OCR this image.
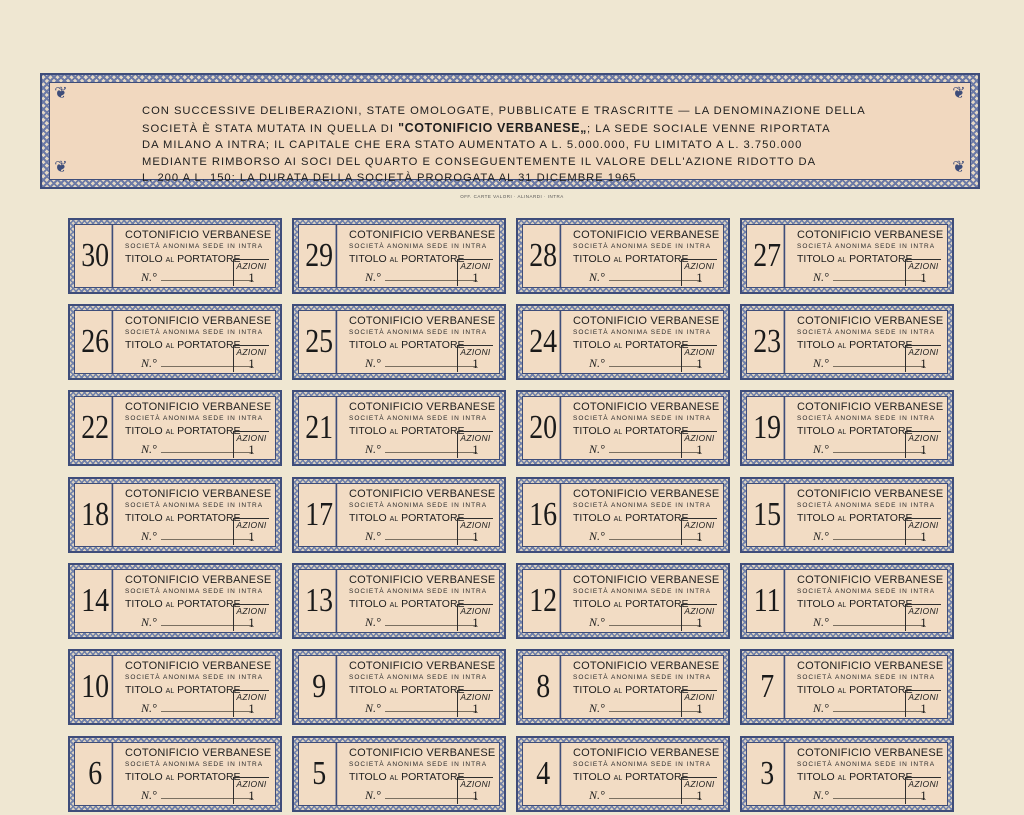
CON SUCCESSIVE DELIBERAZIONI, STATE OMOLOGATE, PUBBLICATE E TRASCRITTE — LA DENOMINAZIONE DELLA
SOCIETÀ È STATA MUTATA IN QUELLA DI "COTONIFICIO VERBANESE„; LA SEDE SOCIALE VENNE RIPORTATA
DA MILANO A INTRA; IL CAPITALE CHE ERA STATO AUMENTATO A L. 5.000.000, FU LIMITATO A L. 3.750.000
MEDIANTE RIMBORSO AI SOCI DEL QUARTO E CONSEGUENTEMENTE IL VALORE DELL'AZIONE RIDOTTO DA
L. 200 A L. 150; LA DURATA DELLA SOCIETÀ PROROGATA AL 31 DICEMBRE 1965.
❦	❦
❦	❦
OFF. CARTE VALORI · ALINARDI · INTRA
30
COTONIFICIO VERBANESE
SOCIETÀ ANONIMA SEDE IN INTRA
TITOLO AL PORTATORE
N.°
AZIONI
1
29
COTONIFICIO VERBANESE
SOCIETÀ ANONIMA SEDE IN INTRA
TITOLO AL PORTATORE
N.°
AZIONI
1
28
COTONIFICIO VERBANESE
SOCIETÀ ANONIMA SEDE IN INTRA
TITOLO AL PORTATORE
N.°
AZIONI
1
27
COTONIFICIO VERBANESE
SOCIETÀ ANONIMA SEDE IN INTRA
TITOLO AL PORTATORE
N.°
AZIONI
1
26
COTONIFICIO VERBANESE
SOCIETÀ ANONIMA SEDE IN INTRA
TITOLO AL PORTATORE
N.°
AZIONI
1
25
COTONIFICIO VERBANESE
SOCIETÀ ANONIMA SEDE IN INTRA
TITOLO AL PORTATORE
N.°
AZIONI
1
24
COTONIFICIO VERBANESE
SOCIETÀ ANONIMA SEDE IN INTRA
TITOLO AL PORTATORE
N.°
AZIONI
1
23
COTONIFICIO VERBANESE
SOCIETÀ ANONIMA SEDE IN INTRA
TITOLO AL PORTATORE
N.°
AZIONI
1
22
COTONIFICIO VERBANESE
SOCIETÀ ANONIMA SEDE IN INTRA
TITOLO AL PORTATORE
N.°
AZIONI
1
21
COTONIFICIO VERBANESE
SOCIETÀ ANONIMA SEDE IN INTRA
TITOLO AL PORTATORE
N.°
AZIONI
1
20
COTONIFICIO VERBANESE
SOCIETÀ ANONIMA SEDE IN INTRA
TITOLO AL PORTATORE
N.°
AZIONI
1
19
COTONIFICIO VERBANESE
SOCIETÀ ANONIMA SEDE IN INTRA
TITOLO AL PORTATORE
N.°
AZIONI
1
18
COTONIFICIO VERBANESE
SOCIETÀ ANONIMA SEDE IN INTRA
TITOLO AL PORTATORE
N.°
AZIONI
1
17
COTONIFICIO VERBANESE
SOCIETÀ ANONIMA SEDE IN INTRA
TITOLO AL PORTATORE
N.°
AZIONI
1
16
COTONIFICIO VERBANESE
SOCIETÀ ANONIMA SEDE IN INTRA
TITOLO AL PORTATORE
N.°
AZIONI
1
15
COTONIFICIO VERBANESE
SOCIETÀ ANONIMA SEDE IN INTRA
TITOLO AL PORTATORE
N.°
AZIONI
1
14
COTONIFICIO VERBANESE
SOCIETÀ ANONIMA SEDE IN INTRA
TITOLO AL PORTATORE
N.°
AZIONI
1
13
COTONIFICIO VERBANESE
SOCIETÀ ANONIMA SEDE IN INTRA
TITOLO AL PORTATORE
N.°
AZIONI
1
12
COTONIFICIO VERBANESE
SOCIETÀ ANONIMA SEDE IN INTRA
TITOLO AL PORTATORE
N.°
AZIONI
1
11
COTONIFICIO VERBANESE
SOCIETÀ ANONIMA SEDE IN INTRA
TITOLO AL PORTATORE
N.°
AZIONI
1
10
COTONIFICIO VERBANESE
SOCIETÀ ANONIMA SEDE IN INTRA
TITOLO AL PORTATORE
N.°
AZIONI
1
9
COTONIFICIO VERBANESE
SOCIETÀ ANONIMA SEDE IN INTRA
TITOLO AL PORTATORE
N.°
AZIONI
1
8
COTONIFICIO VERBANESE
SOCIETÀ ANONIMA SEDE IN INTRA
TITOLO AL PORTATORE
N.°
AZIONI
1
7
COTONIFICIO VERBANESE
SOCIETÀ ANONIMA SEDE IN INTRA
TITOLO AL PORTATORE
N.°
AZIONI
1
6
COTONIFICIO VERBANESE
SOCIETÀ ANONIMA SEDE IN INTRA
TITOLO AL PORTATORE
N.°
AZIONI
1
5
COTONIFICIO VERBANESE
SOCIETÀ ANONIMA SEDE IN INTRA
TITOLO AL PORTATORE
N.°
AZIONI
1
4
COTONIFICIO VERBANESE
SOCIETÀ ANONIMA SEDE IN INTRA
TITOLO AL PORTATORE
N.°
AZIONI
1
3
COTONIFICIO VERBANESE
SOCIETÀ ANONIMA SEDE IN INTRA
TITOLO AL PORTATORE
N.°
AZIONI
1
